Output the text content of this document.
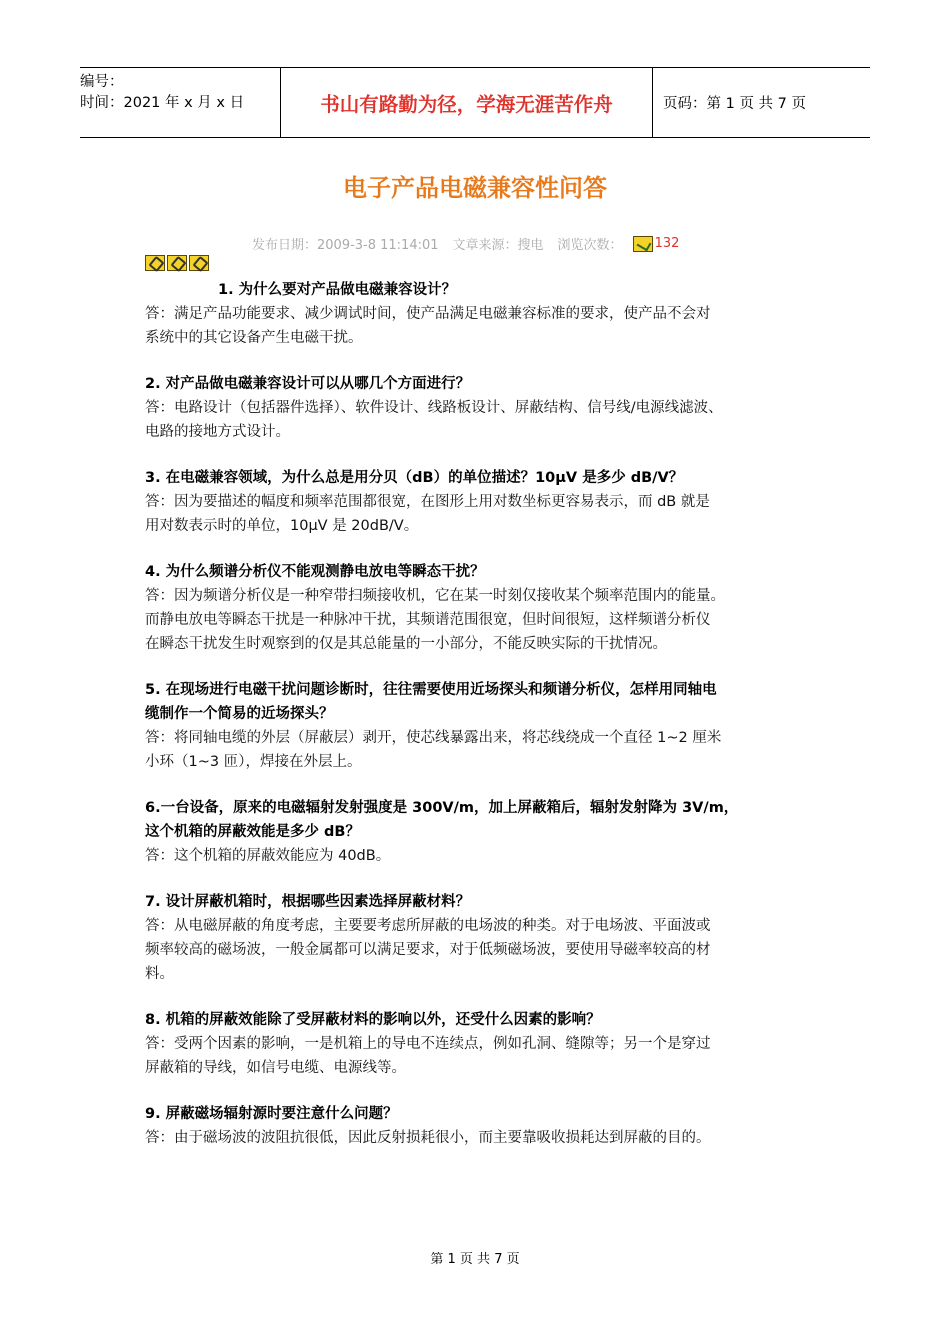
编号：
时间：2021 年 x 月 x 日	书山有路勤为径，学海无涯苦作舟	页码：第 1 页 共 7 页
电子产品电磁兼容性问答
发布日期：2009-3-8 11:14:01 文章来源：搜电 浏览次数： 132

1. 为什么要对产品做电磁兼容设计？

答：满足产品功能要求、减少调试时间，使产品满足电磁兼容标准的要求，使产品不会对

系统中的其它设备产生电磁干扰。

2. 对产品做电磁兼容设计可以从哪几个方面进行？

答：电路设计（包括器件选择）、软件设计、线路板设计、屏蔽结构、信号线/电源线滤波、

电路的接地方式设计。

3. 在电磁兼容领域，为什么总是用分贝（dB）的单位描述？10μV 是多少 dB/V？

答：因为要描述的幅度和频率范围都很宽，在图形上用对数坐标更容易表示，而 dB 就是

用对数表示时的单位，10μV 是 20dB/V。

4. 为什么频谱分析仪不能观测静电放电等瞬态干扰？

答：因为频谱分析仪是一种窄带扫频接收机，它在某一时刻仅接收某个频率范围内的能量。

而静电放电等瞬态干扰是一种脉冲干扰，其频谱范围很宽，但时间很短，这样频谱分析仪

在瞬态干扰发生时观察到的仅是其总能量的一小部分，不能反映实际的干扰情况。

5. 在现场进行电磁干扰问题诊断时，往往需要使用近场探头和频谱分析仪，怎样用同轴电

缆制作一个简易的近场探头？

答：将同轴电缆的外层（屏蔽层）剥开，使芯线暴露出来，将芯线绕成一个直径 1~2 厘米

小环（1~3 匝），焊接在外层上。

6.一台设备，原来的电磁辐射发射强度是 300V/m，加上屏蔽箱后，辐射发射降为 3V/m，

这个机箱的屏蔽效能是多少 dB？

答：这个机箱的屏蔽效能应为 40dB。

7. 设计屏蔽机箱时，根据哪些因素选择屏蔽材料？

答：从电磁屏蔽的角度考虑，主要要考虑所屏蔽的电场波的种类。对于电场波、平面波或

频率较高的磁场波，一般金属都可以满足要求，对于低频磁场波，要使用导磁率较高的材

料。

8. 机箱的屏蔽效能除了受屏蔽材料的影响以外，还受什么因素的影响？

答：受两个因素的影响，一是机箱上的导电不连续点，例如孔洞、缝隙等；另一个是穿过

屏蔽箱的导线，如信号电缆、电源线等。

9. 屏蔽磁场辐射源时要注意什么问题？

答：由于磁场波的波阻抗很低，因此反射损耗很小，而主要靠吸收损耗达到屏蔽的目的。

第 1 页 共 7 页
